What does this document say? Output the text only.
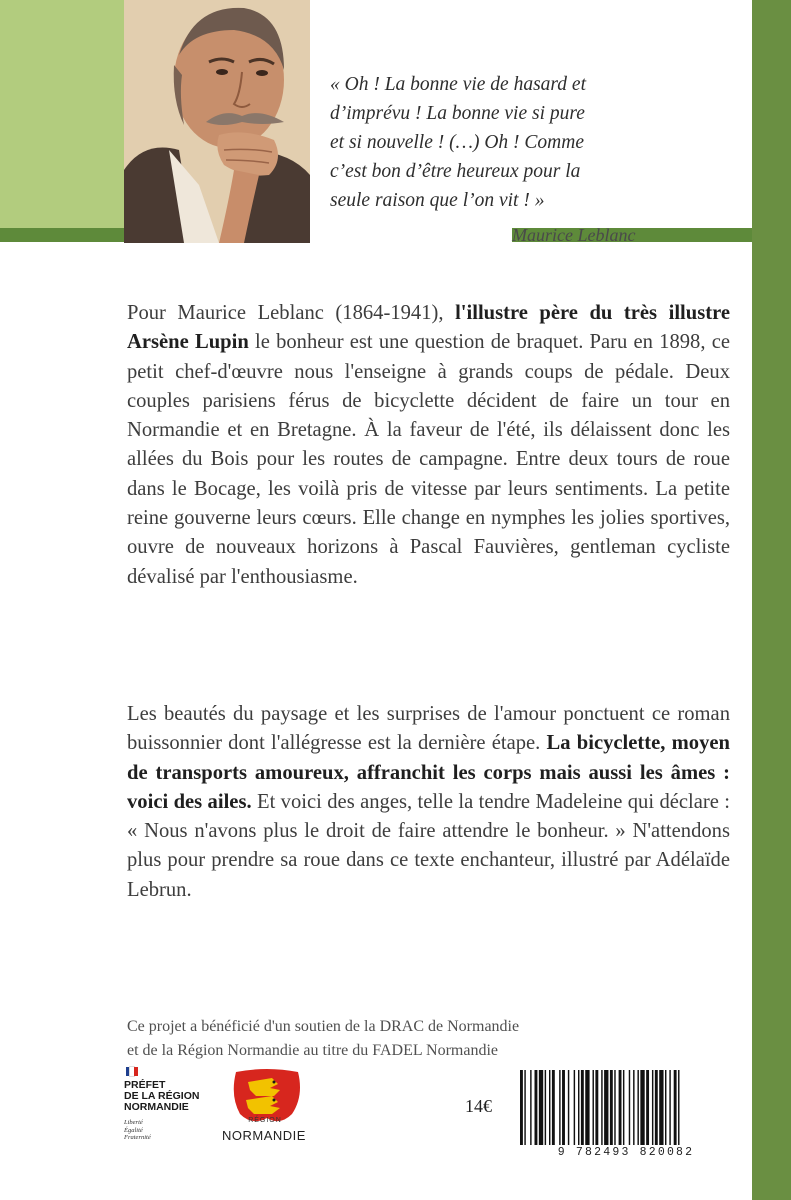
« Oh ! La bonne vie de hasard et
d’imprévu ! La bonne vie si pure
et si nouvelle ! (…) Oh ! Comme
c’est bon d’être heureux pour la
seule raison que l’on vit ! »
Maurice Leblanc
Pour Maurice Leblanc (1864-1941), l'illustre père du très illustre Arsène Lupin le bonheur est une question de braquet. Paru en 1898, ce petit chef-d'œuvre nous l'enseigne à grands coups de pédale. Deux couples parisiens férus de bicyclette décident de faire un tour en Normandie et en Bretagne. À la faveur de l'été, ils délaissent donc les allées du Bois pour les routes de campagne. Entre deux tours de roue dans le Bocage, les voilà pris de vitesse par leurs sentiments. La petite reine gouverne leurs cœurs. Elle change en nymphes les jolies sportives, ouvre de nouveaux horizons à Pascal Fauvières, gentleman cycliste dévalisé par l'enthousiasme.
Les beautés du paysage et les surprises de l'amour ponctuent ce roman buissonnier dont l'allégresse est la dernière étape. La bicyclette, moyen de transports amoureux, affranchit les corps mais aussi les âmes : voici des ailes. Et voici des anges, telle la tendre Madeleine qui déclare : « Nous n'avons plus le droit de faire attendre le bonheur. » N'attendons plus pour prendre sa roue dans ce texte enchanteur, illustré par Adélaïde Lebrun.
Ce projet a bénéficié d'un soutien de la DRAC de Normandie
et de la Région Normandie au titre du FADEL Normandie
PRÉFET
DE LA RÉGION
NORMANDIE
Liberté
Égalité
Fraternité
RÉGION
NORMANDIE
14€
9 782493 820082
